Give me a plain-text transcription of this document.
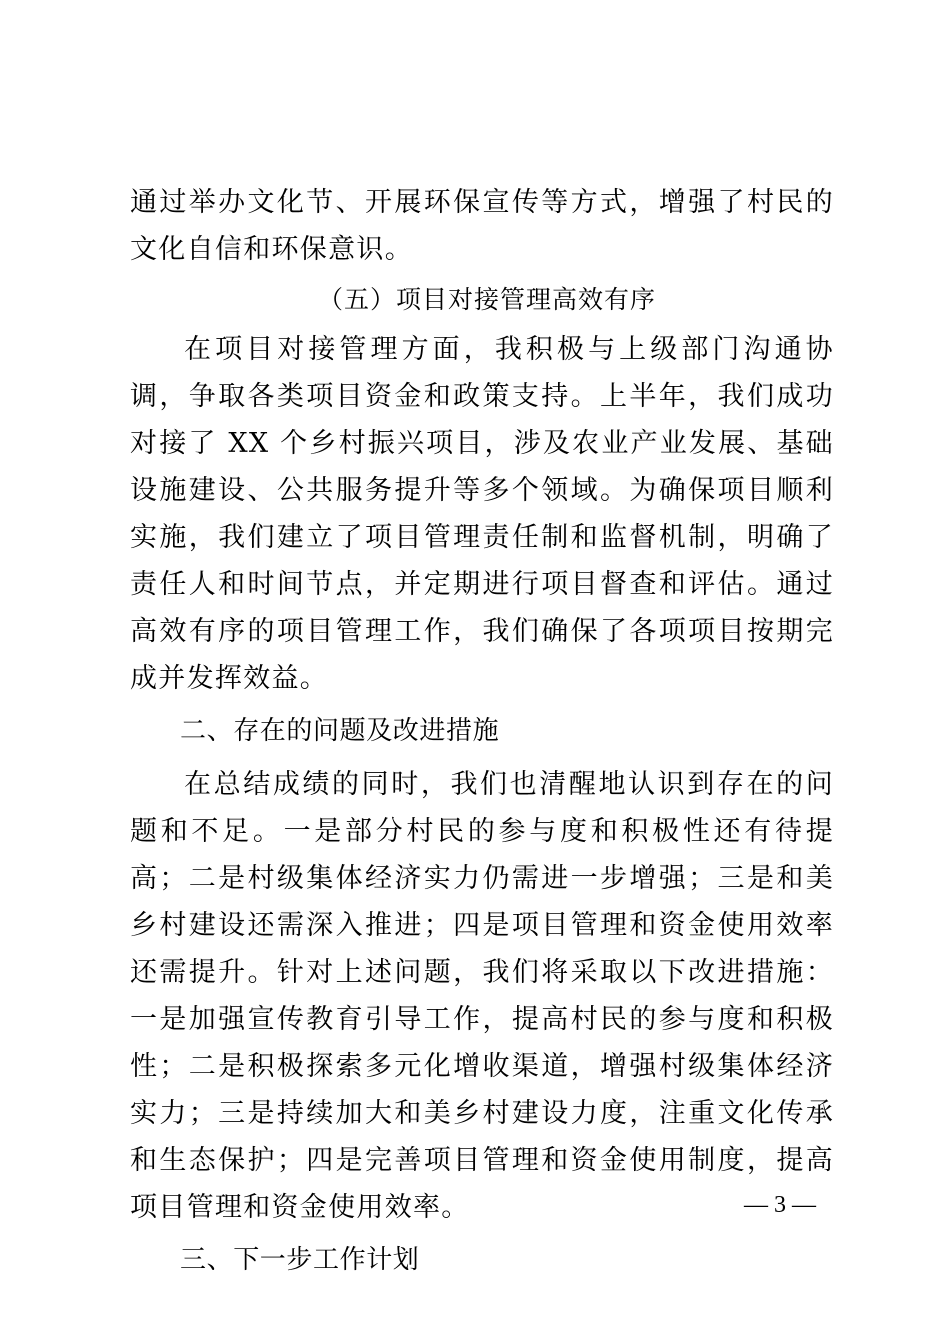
通过举办文化节、开展环保宣传等方式，增强了村民的文化自信和环保意识。

（五）项目对接管理高效有序

在项目对接管理方面，我积极与上级部门沟通协调，争取各类项目资金和政策支持。上半年，我们成功对接了 XX 个乡村振兴项目，涉及农业产业发展、基础设施建设、公共服务提升等多个领域。为确保项目顺利实施，我们建立了项目管理责任制和监督机制，明确了责任人和时间节点，并定期进行项目督查和评估。通过高效有序的项目管理工作，我们确保了各项项目按期完成并发挥效益。

二、存在的问题及改进措施

在总结成绩的同时，我们也清醒地认识到存在的问题和不足。一是部分村民的参与度和积极性还有待提高；二是村级集体经济实力仍需进一步增强；三是和美乡村建设还需深入推进；四是项目管理和资金使用效率还需提升。针对上述问题，我们将采取以下改进措施：一是加强宣传教育引导工作，提高村民的参与度和积极性；二是积极探索多元化增收渠道，增强村级集体经济实力；三是持续加大和美乡村建设力度，注重文化传承和生态保护；四是完善项目管理和资金使用制度，提高项目管理和资金使用效率。

三、下一步工作计划
— 3 —
